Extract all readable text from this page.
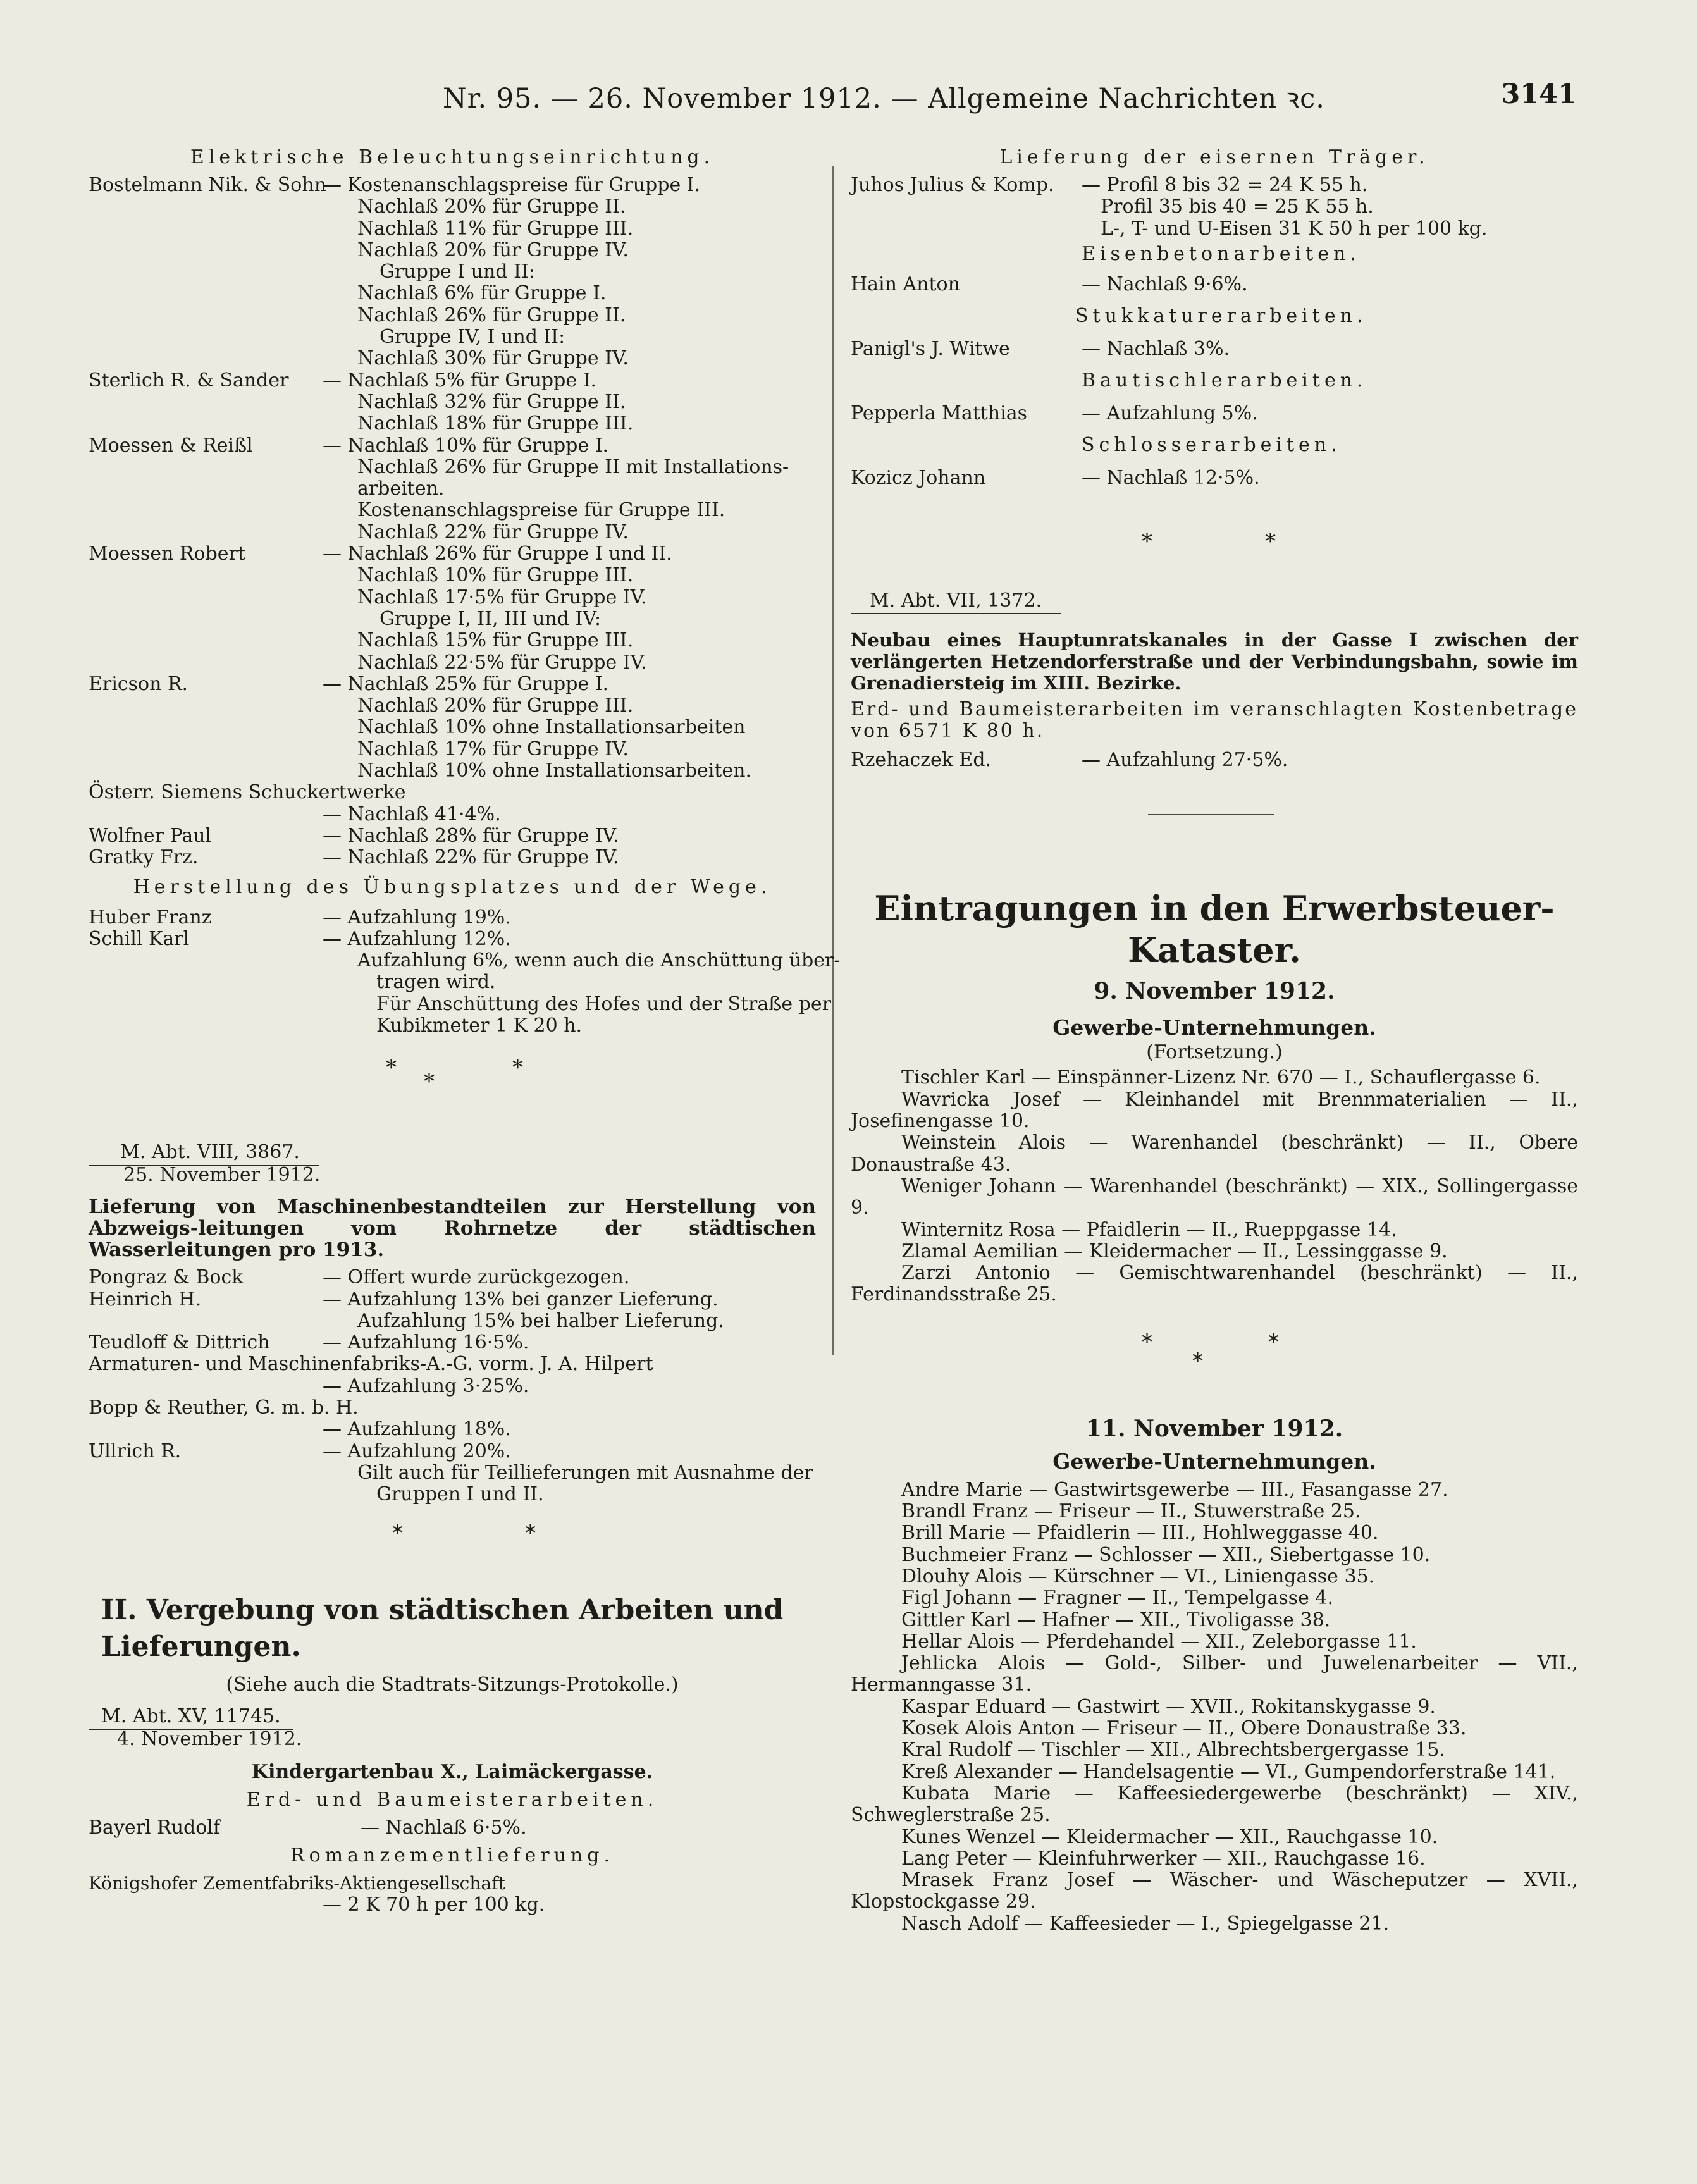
Nr. 95. — 26. November 1912. — Allgemeine Nachrichten ꝛc.	3141
Elektrische Beleuchtungseinrichtung.
Bostelmann Nik. & Sohn
— Kostenanschlagspreise für Gruppe I.
Nachlaß 20% für Gruppe II.
Nachlaß 11% für Gruppe III.
Nachlaß 20% für Gruppe IV.
Gruppe I und II:
Nachlaß 6% für Gruppe I.
Nachlaß 26% für Gruppe II.
Gruppe IV, I und II:
Nachlaß 30% für Gruppe IV.
Sterlich R. & Sander — Nachlaß 5% für Gruppe I.
Nachlaß 32% für Gruppe II.
Nachlaß 18% für Gruppe III.
Moessen & Reißl	— Nachlaß 10% für Gruppe I.
Nachlaß 26% für Gruppe II mit Installations-
arbeiten.
Kostenanschlagspreise für Gruppe III.
Nachlaß 22% für Gruppe IV.
Moessen Robert	— Nachlaß 26% für Gruppe I und II.
Nachlaß 10% für Gruppe III.
Nachlaß 17·5% für Gruppe IV.
Gruppe I, II, III und IV:
Nachlaß 15% für Gruppe III.
Nachlaß 22·5% für Gruppe IV.
Ericson R.	— Nachlaß 25% für Gruppe I.
Nachlaß 20% für Gruppe III.
Nachlaß 10% ohne Installationsarbeiten
Nachlaß 17% für Gruppe IV.
Nachlaß 10% ohne Installationsarbeiten.
Österr. Siemens Schuckertwerke
— Nachlaß 41·4%.
Wolfner Paul	— Nachlaß 28% für Gruppe IV.
Gratky Frz.	— Nachlaß 22% für Gruppe IV.
Herstellung des Übungsplatzes und der Wege.
Huber Franz	— Aufzahlung 19%.
Schill Karl	— Aufzahlung 12%.
Aufzahlung 6%, wenn auch die Anschüttung über-
tragen wird.
Für Anschüttung des Hofes und der Straße per
Kubikmeter 1 K 20 h.
*
*
*
M. Abt. VIII, 3867.
25. November 1912.
Lieferung von Maschinenbestandteilen zur Herstellung von Abzweigs-leitungen vom Rohrnetze der städtischen Wasserleitungen pro 1913.
Pongraz & Bock	— Offert wurde zurückgezogen.
Heinrich H.	— Aufzahlung 13% bei ganzer Lieferung.
Aufzahlung 15% bei halber Lieferung.
Teudloff & Dittrich	— Aufzahlung 16·5%.
Armaturen- und Maschinenfabriks-A.-G. vorm. J. A. Hilpert
— Aufzahlung 3·25%.
Bopp & Reuther, G. m. b. H.
— Aufzahlung 18%.
Ullrich R.	— Aufzahlung 20%.
Gilt auch für Teillieferungen mit Ausnahme der
Gruppen I und II.
*	*
II. Vergebung von städtischen Arbeiten und Lieferungen.
(Siehe auch die Stadtrats-Sitzungs-Protokolle.)
M. Abt. XV, 11745.
4. November 1912.
Kindergartenbau X., Laimäckergasse.
Erd- und Baumeisterarbeiten.
Bayerl Rudolf	— Nachlaß 6·5%.
Romanzementlieferung.
Königshofer Zementfabriks-Aktiengesellschaft
— 2 K 70 h per 100 kg.
Lieferung der eisernen Träger.
Juhos Julius & Komp. — Profil 8 bis 32 = 24 K 55 h.
Profil 35 bis 40 = 25 K 55 h.
L-, T- und U-Eisen 31 K 50 h per 100 kg.
Eisenbetonarbeiten.
Hain Anton	— Nachlaß 9·6%.
Stukkaturerarbeiten.
Panigl's J. Witwe	— Nachlaß 3%.
Bautischlerarbeiten.
Pepperla Matthias	— Aufzahlung 5%.
Schlosserarbeiten.
Kozicz Johann	— Nachlaß 12·5%.
*	*
M. Abt. VII, 1372.
Neubau eines Hauptunratskanales in der Gasse I zwischen der verlängerten Hetzendorferstraße und der Verbindungsbahn, sowie im Grenadiersteig im XIII. Bezirke.
Erd- und Baumeisterarbeiten im veranschlagten Kostenbetrage von 6571 K 80 h.
Rzehaczek Ed.	— Aufzahlung 27·5%.
Eintragungen in den Erwerbsteuer-Kataster.
9. November 1912.
Gewerbe-Unternehmungen.
(Fortsetzung.)
Tischler Karl — Einspänner-Lizenz Nr. 670 — I., Schauflergasse 6.
Wavricka Josef — Kleinhandel mit Brennmaterialien — II., Josefinengasse 10.
Weinstein Alois — Warenhandel (beschränkt) — II., Obere Donaustraße 43.
Weniger Johann — Warenhandel (beschränkt) — XIX., Sollingergasse 9.
Winternitz Rosa — Pfaidlerin — II., Rueppgasse 14.
Zlamal Aemilian — Kleidermacher — II., Lessinggasse 9.
Zarzi Antonio — Gemischtwarenhandel (beschränkt) — II., Ferdinandsstraße 25.
*
*
*
11. November 1912.
Gewerbe-Unternehmungen.
Andre Marie — Gastwirtsgewerbe — III., Fasangasse 27.
Brandl Franz — Friseur — II., Stuwerstraße 25.
Brill Marie — Pfaidlerin — III., Hohlweggasse 40.
Buchmeier Franz — Schlosser — XII., Siebertgasse 10.
Dlouhy Alois — Kürschner — VI., Liniengasse 35.
Figl Johann — Fragner — II., Tempelgasse 4.
Gittler Karl — Hafner — XII., Tivoligasse 38.
Hellar Alois — Pferdehandel — XII., Zeleborgasse 11.
Jehlicka Alois — Gold-, Silber- und Juwelenarbeiter — VII., Hermanngasse 31.
Kaspar Eduard — Gastwirt — XVII., Rokitanskygasse 9.
Kosek Alois Anton — Friseur — II., Obere Donaustraße 33.
Kral Rudolf — Tischler — XII., Albrechtsbergergasse 15.
Kreß Alexander — Handelsagentie — VI., Gumpendorferstraße 141.
Kubata Marie — Kaffeesiedergewerbe (beschränkt) — XIV., Schweglerstraße 25.
Kunes Wenzel — Kleidermacher — XII., Rauchgasse 10.
Lang Peter — Kleinfuhrwerker — XII., Rauchgasse 16.
Mrasek Franz Josef — Wäscher- und Wäscheputzer — XVII., Klopstockgasse 29.
Nasch Adolf — Kaffeesieder — I., Spiegelgasse 21.
